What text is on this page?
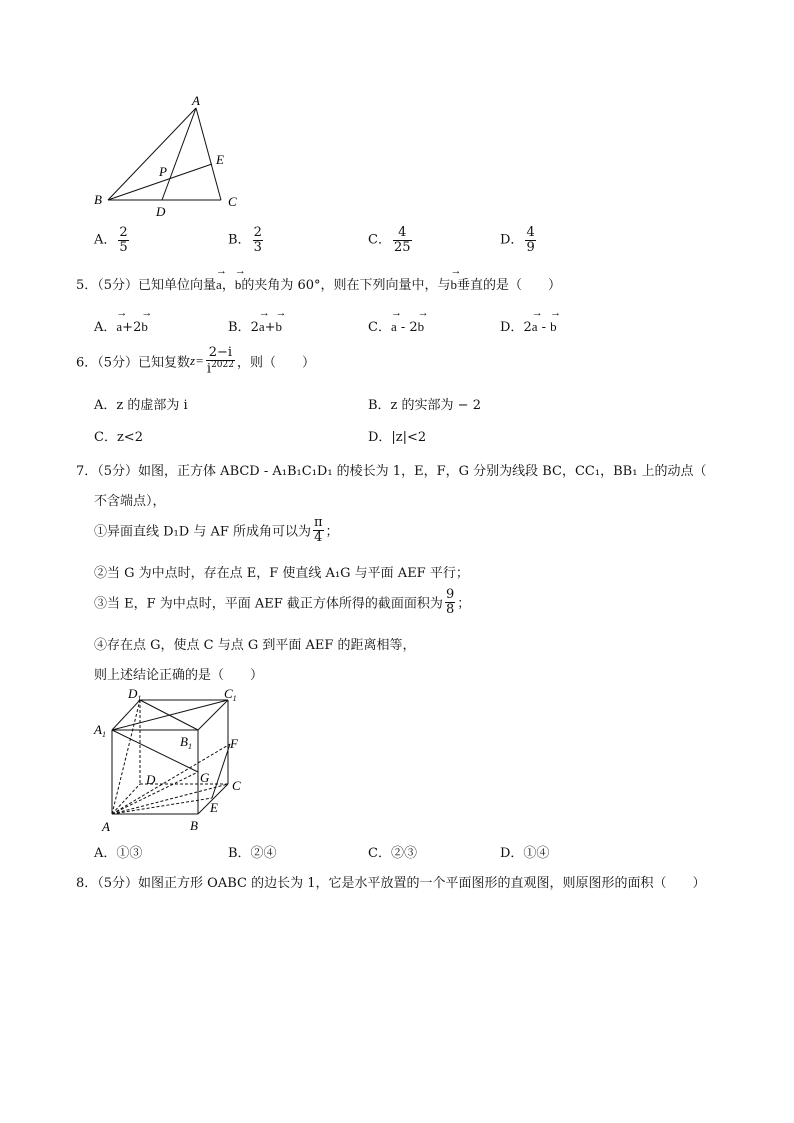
A
B	C
D
E
P
A． $\frac{2}{5}$	B． $\frac{2}{3}$	C． $\frac{4}{25}$	D． $\frac{4}{9}$
5．（5分）已知单位向量→ a，→ b的夹角为 60°，则在下列向量中，与→ b垂直的是（　　）
A．→ a+2→ b	B．2→ a+→ b	C．→ a - 2→ b	D．2→ a - → b
6．（5分）已知复数$z= \frac{2-i}{i^{2022}}$ ，则（　　）
A．z 的虚部为 i	B．z 的实部为 − 2
C．z<2	D．|z|<2
7．（5分）如图，正方体 ABCD - A₁B₁C₁D₁ 的棱长为 1，E，F，G 分别为线段 BC，CC₁，BB₁ 上的动点（
不含端点），
①异面直线 D₁D 与 AF 所成角可以为 $\frac{\pi}{4}$ ；
②当 G 为中点时，存在点 E，F 使直线 A₁G 与平面 AEF 平行；
③当 E，F 为中点时，平面 AEF 截正方体所得的截面面积为 $\frac{9}{8}$ ；
④存在点 G，使点 C 与点 G 到平面 AEF 的距离相等，
则上述结论正确的是（　　）
$D_1$	$C_1$
$A_1$	$B_1$	F
D	G
C
E
A	B
A．①③	B．②④	C．②③	D．①④
8．（5分）如图正方形 OABC 的边长为 1，它是水平放置的一个平面图形的直观图，则原图形的面积（　　）
